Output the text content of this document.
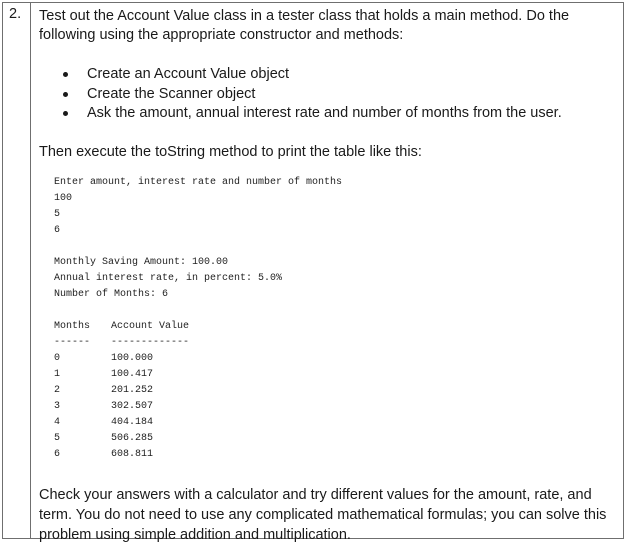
2. Test out the Account Value class in a tester class that holds a main method. Do the following using the appropriate constructor and methods:
Create an Account Value object
Create the Scanner object
Ask the amount, annual interest rate and number of months from the user.
Then execute the toString method to print the table like this:
Enter amount, interest rate and number of months
100
5
6
Monthly Saving Amount: 100.00
Annual interest rate, in percent: 5.0%
Number of Months: 6
Months Account Value
------ -------------
0	100.000
1	100.417
2	201.252
3	302.507
4	404.184
5	506.285
6	608.811
Check your answers with a calculator and try different values for the amount, rate, and term. You do not need to use any complicated mathematical formulas; you can solve this problem using simple addition and multiplication.
